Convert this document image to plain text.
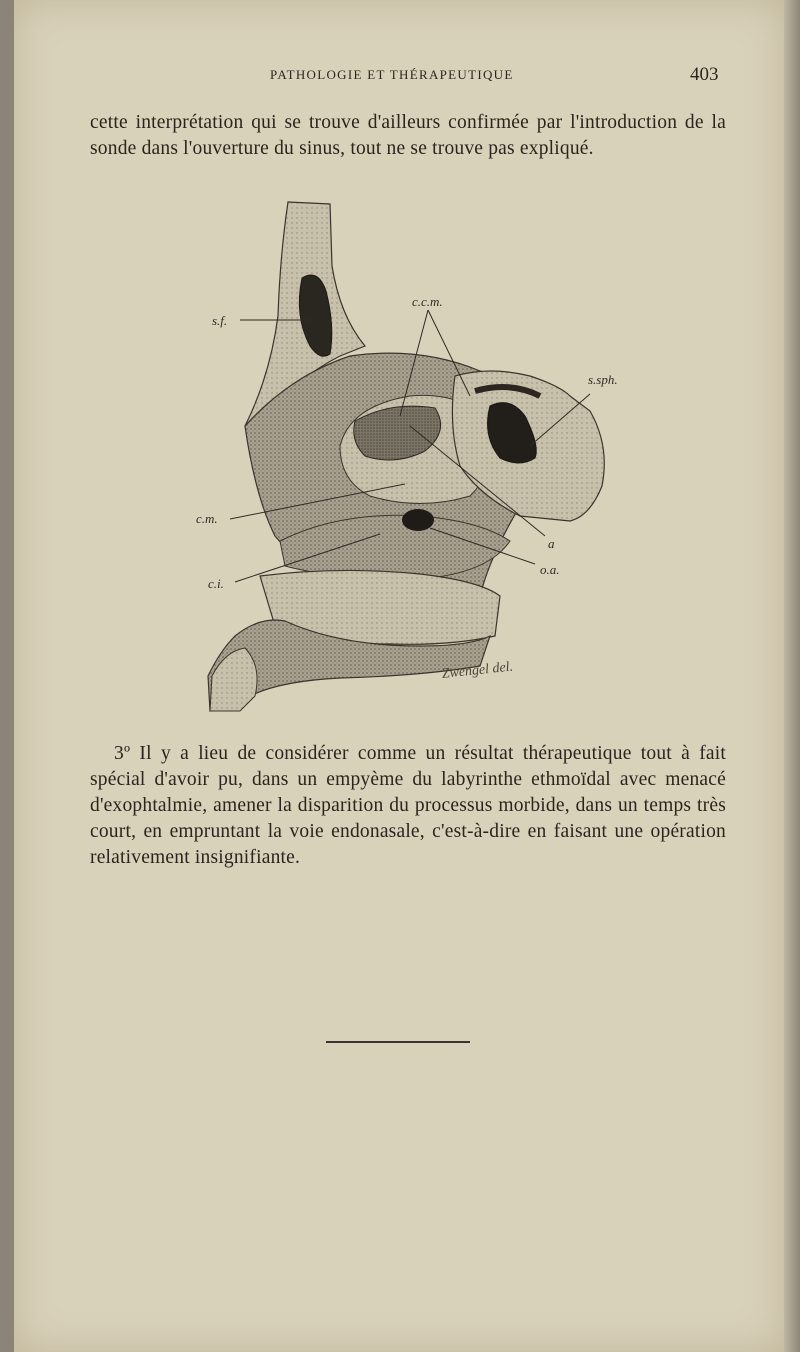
PATHOLOGIE ET THÉRAPEUTIQUE	403

cette interprétation qui se trouve d'ailleurs confirmée par l'introduction de la sonde dans l'ouverture du sinus, tout ne se trouve pas expliqué.

s.f.
c.c.m.
s.sph.
c.m.
c.i.
a
o.a.
Zwengel del.

3º Il y a lieu de considérer comme un résultat thérapeutique tout à fait spécial d'avoir pu, dans un empyème du labyrinthe ethmoïdal avec menacé d'exophtalmie, amener la disparition du processus morbide, dans un temps très court, en empruntant la voie endonasale, c'est-à-dire en faisant une opération relativement insignifiante.
